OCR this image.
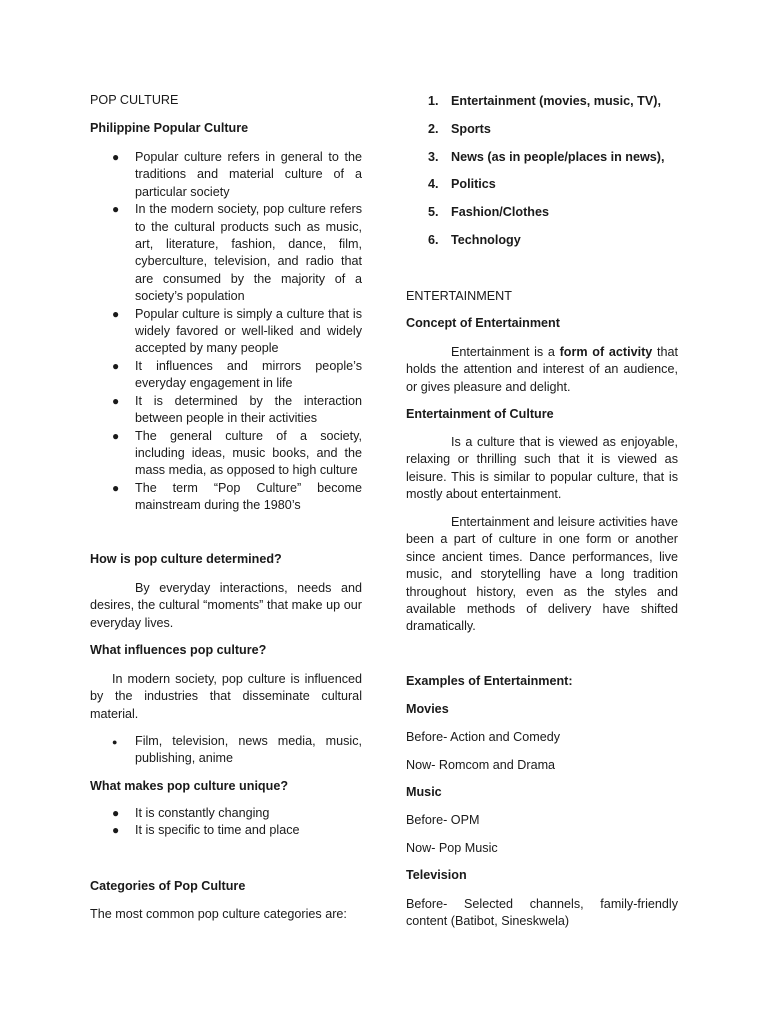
POP CULTURE
Philippine Popular Culture
● Popular culture refers in general to the traditions and material culture of a particular society
● In the modern society, pop culture refers to the cultural products such as music, art, literature, fashion, dance, film, cyberculture, television, and radio that are consumed by the majority of a society’s population
● Popular culture is simply a culture that is widely favored or well-liked and widely accepted by many people
● It influences and mirrors people’s everyday engagement in life
● It is determined by the interaction between people in their activities
● The general culture of a society, including ideas, music books, and the mass media, as opposed to high culture
● The term “Pop Culture” become mainstream during the 1980’s
How is pop culture determined?

By everyday interactions, needs and desires, the cultural “moments” that make up our everyday lives.

What influences pop culture?

In modern society, pop culture is influenced by the industries that disseminate cultural material.

● Film, television, news media, music, publishing, anime
What makes pop culture unique?
● It is constantly changing
● It is specific to time and place
Categories of Pop Culture
The most common pop culture categories are:
1. Entertainment (movies, music, TV),
2. Sports
3. News (as in people/places in news),
4. Politics
5. Fashion/Clothes
6. Technology
ENTERTAINMENT
Concept of Entertainment

Entertainment is a form of activity that holds the attention and interest of an audience, or gives pleasure and delight.

Entertainment of Culture

Is a culture that is viewed as enjoyable, relaxing or thrilling such that it is viewed as leisure. This is similar to popular culture, that is mostly about entertainment.

Entertainment and leisure activities have been a part of culture in one form or another since ancient times. Dance performances, live music, and storytelling have a long tradition throughout history, even as the styles and available methods of delivery have shifted dramatically.

Examples of Entertainment:
Movies
Before- Action and Comedy
Now- Romcom and Drama
Music
Before- OPM
Now- Pop Music
Television

Before- Selected channels, family-friendly content (Batibot, Sineskwela)
